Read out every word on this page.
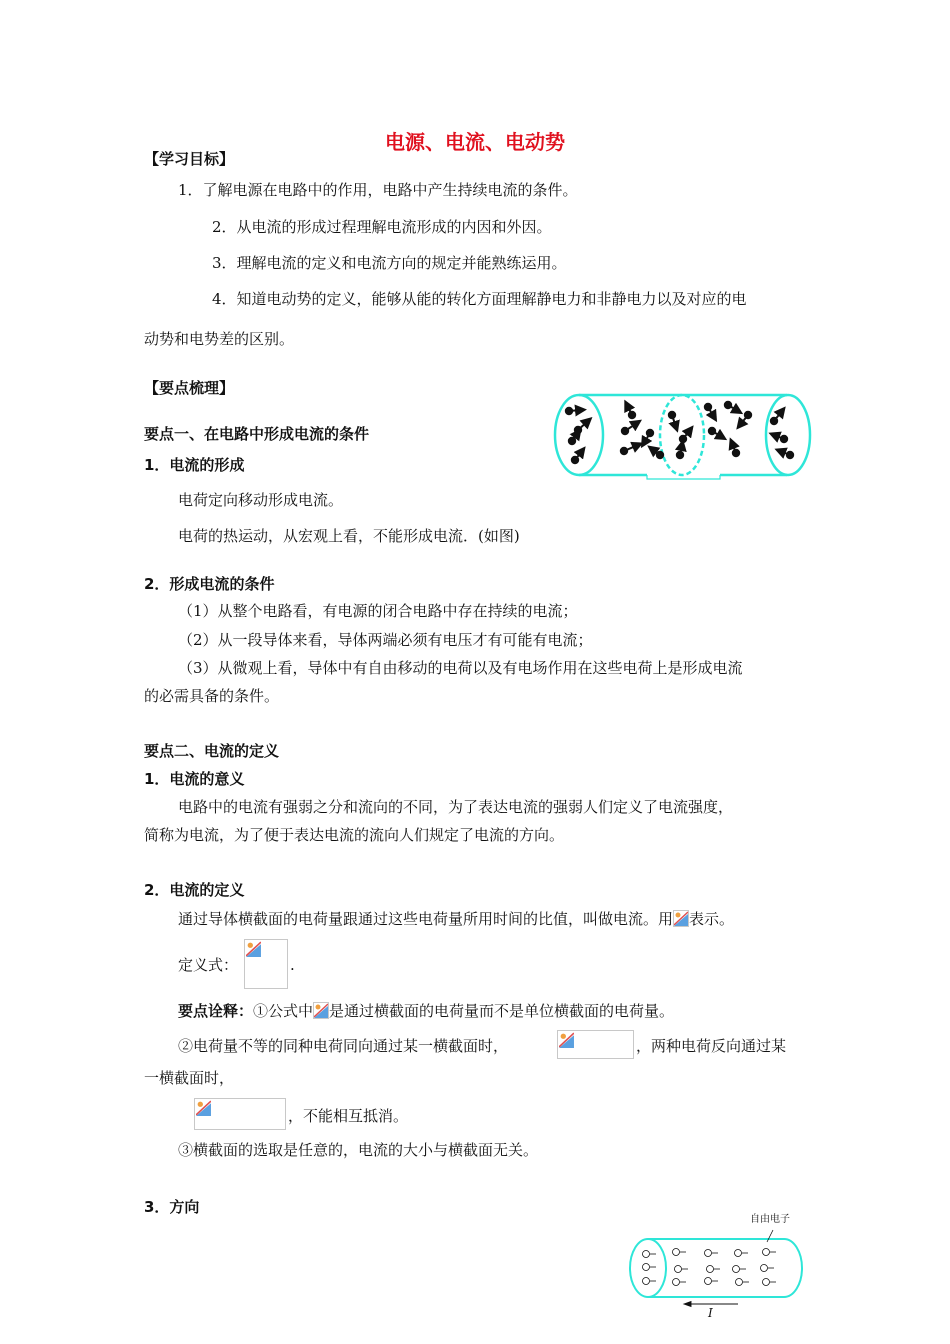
电源、电流、电动势
【学习目标】
1．了解电源在电路中的作用，电路中产生持续电流的条件。
2．从电流的形成过程理解电流形成的内因和外因。
3．理解电流的定义和电流方向的规定并能熟练运用。
4．知道电动势的定义，能够从能的转化方面理解静电力和非静电力以及对应的电
动势和电势差的区别。
【要点梳理】
要点一、在电路中形成电流的条件
1．电流的形成
电荷定向移动形成电流。
电荷的热运动，从宏观上看，不能形成电流．(如图)
2．形成电流的条件
（1）从整个电路看，有电源的闭合电路中存在持续的电流；
（2）从一段导体来看，导体两端必须有电压才有可能有电流；
（3）从微观上看，导体中有自由移动的电荷以及有电场作用在这些电荷上是形成电流
的必需具备的条件。
要点二、电流的定义
1．电流的意义
电路中的电流有强弱之分和流向的不同，为了表达电流的强弱人们定义了电流强度，
简称为电流，为了便于表达电流的流向人们规定了电流的方向。
2．电流的定义
通过导体横截面的电荷量跟通过这些电荷量所用时间的比值，叫做电流。用 表示。
定义式：	.
要点诠释：①公式中 是通过横截面的电荷量而不是单位横截面的电荷量。
②电荷量不等的同种电荷同向通过某一横截面时，	，两种电荷反向通过某
一横截面时，
，不能相互抵消。
③横截面的选取是任意的，电流的大小与横截面无关。
3．方向
自由电子
I
